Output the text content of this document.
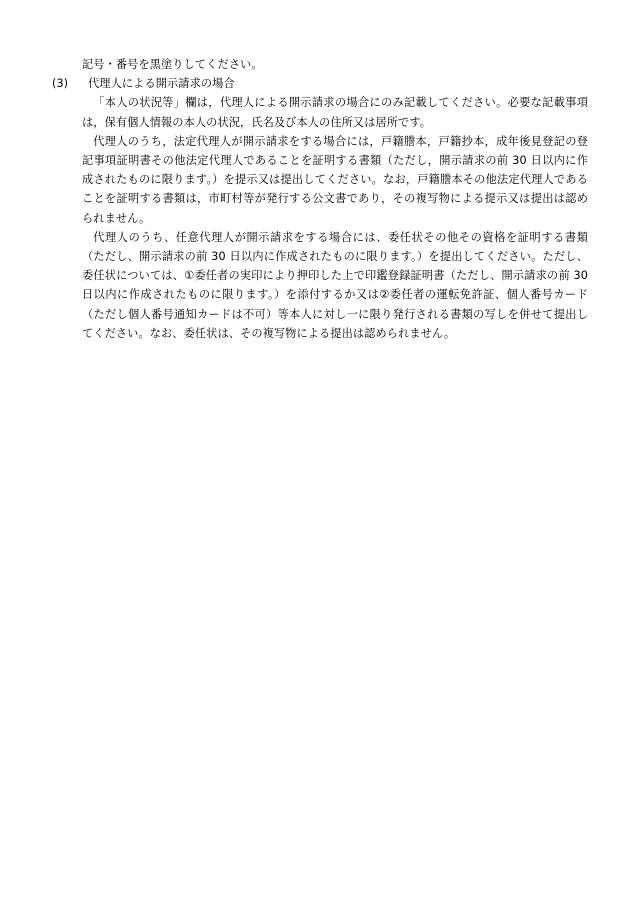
記号・番号を黒塗りしてください。

(3) 代理人による開示請求の場合

「本人の状況等」欄は，代理人による開示請求の場合にのみ記載してください。必要な記載事項は，保有個人情報の本人の状況，氏名及び本人の住所又は居所です。

代理人のうち，法定代理人が開示請求をする場合には，戸籍謄本，戸籍抄本，成年後見登記の登記事項証明書その他法定代理人であることを証明する書類（ただし，開示請求の前 30 日以内に作成されたものに限ります。）を提示又は提出してください。なお，戸籍謄本その他法定代理人であることを証明する書類は，市町村等が発行する公文書であり，その複写物による提示又は提出は認められません。

代理人のうち、任意代理人が開示請求をする場合には、委任状その他その資格を証明する書類（ただし、開示請求の前 30 日以内に作成されたものに限ります。）を提出してください。ただし、委任状については、①委任者の実印により押印した上で印鑑登録証明書（ただし、開示請求の前 30 日以内に作成されたものに限ります。）を添付するか又は②委任者の運転免許証、個人番号カード（ただし個人番号通知カードは不可）等本人に対し一に限り発行される書類の写しを併せて提出してください。なお、委任状は、その複写物による提出は認められません。
